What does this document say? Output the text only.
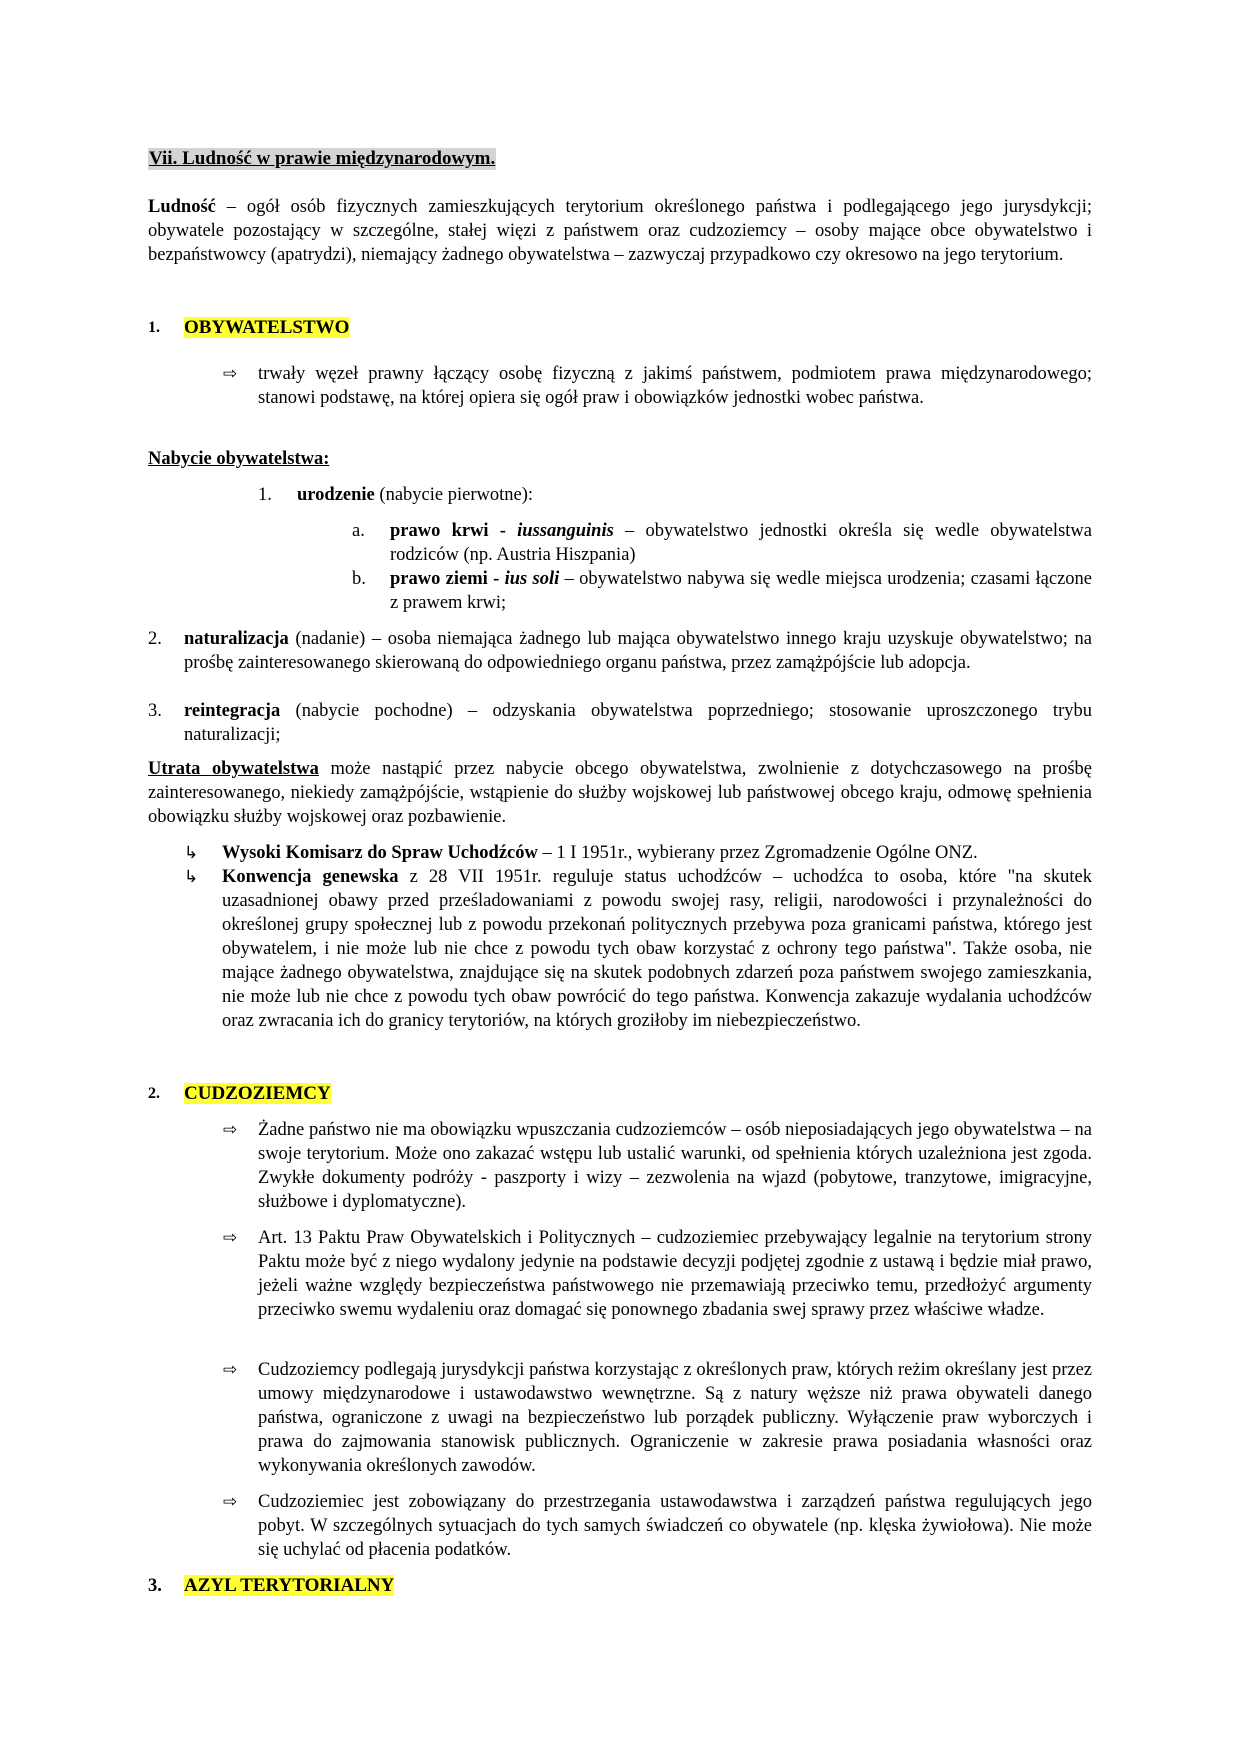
Vii. Ludność w prawie międzynarodowym.

Ludność – ogół osób fizycznych zamieszkujących terytorium określonego państwa i podlegającego jego jurysdykcji; obywatele pozostający w szczególne, stałej więzi z państwem oraz cudzoziemcy – osoby mające obce obywatelstwo i bezpaństwowcy (apatrydzi), niemający żadnego obywatelstwa – zazwyczaj przypadkowo czy okresowo na jego terytorium.

1. OBYWATELSTWO
⇨ trwały węzeł prawny łączący osobę fizyczną z jakimś państwem, podmiotem prawa międzynarodowego; stanowi podstawę, na której opiera się ogół praw i obowiązków jednostki wobec państwa.

Nabycie obywatelstwa:
1. urodzenie (nabycie pierwotne):

a. prawo krwi - iussanguinis – obywatelstwo jednostki określa się wedle obywatelstwa rodziców (np. Austria Hiszpania)

b. prawo ziemi - ius soli – obywatelstwo nabywa się wedle miejsca urodzenia; czasami łączone z prawem krwi;

2. naturalizacja (nadanie) – osoba niemająca żadnego lub mająca obywatelstwo innego kraju uzyskuje obywatelstwo; na prośbę zainteresowanego skierowaną do odpowiedniego organu państwa, przez zamążpójście lub adopcja.

3. reintegracja (nabycie pochodne) – odzyskania obywatelstwa poprzedniego; stosowanie uproszczonego trybu naturalizacji;

Utrata obywatelstwa może nastąpić przez nabycie obcego obywatelstwa, zwolnienie z dotychczasowego na prośbę zainteresowanego, niekiedy zamążpójście, wstąpienie do służby wojskowej lub państwowej obcego kraju, odmowę spełnienia obowiązku służby wojskowej oraz pozbawienie.

↳ Wysoki Komisarz do Spraw Uchodźców – 1 I 1951r., wybierany przez Zgromadzenie Ogólne ONZ.

↳ Konwencja genewska z 28 VII 1951r. reguluje status uchodźców – uchodźca to osoba, które "na skutek uzasadnionej obawy przed prześladowaniami z powodu swojej rasy, religii, narodowości i przynależności do określonej grupy społecznej lub z powodu przekonań politycznych przebywa poza granicami państwa, którego jest obywatelem, i nie może lub nie chce z powodu tych obaw korzystać z ochrony tego państwa". Także osoba, nie mające żadnego obywatelstwa, znajdujące się na skutek podobnych zdarzeń poza państwem swojego zamieszkania, nie może lub nie chce z powodu tych obaw powrócić do tego państwa. Konwencja zakazuje wydalania uchodźców oraz zwracania ich do granicy terytoriów, na których groziłoby im niebezpieczeństwo.

2. CUDZOZIEMCY
⇨ Żadne państwo nie ma obowiązku wpuszczania cudzoziemców – osób nieposiadających jego obywatelstwa – na swoje terytorium. Może ono zakazać wstępu lub ustalić warunki, od spełnienia których uzależniona jest zgoda. Zwykłe dokumenty podróży - paszporty i wizy – zezwolenia na wjazd (pobytowe, tranzytowe, imigracyjne, służbowe i dyplomatyczne).

⇨ Art. 13 Paktu Praw Obywatelskich i Politycznych – cudzoziemiec przebywający legalnie na terytorium strony Paktu może być z niego wydalony jedynie na podstawie decyzji podjętej zgodnie z ustawą i będzie miał prawo, jeżeli ważne względy bezpieczeństwa państwowego nie przemawiają przeciwko temu, przedłożyć argumenty przeciwko swemu wydaleniu oraz domagać się ponownego zbadania swej sprawy przez właściwe władze.

⇨ Cudzoziemcy podlegają jurysdykcji państwa korzystając z określonych praw, których reżim określany jest przez umowy międzynarodowe i ustawodawstwo wewnętrzne. Są z natury węższe niż prawa obywateli danego państwa, ograniczone z uwagi na bezpieczeństwo lub porządek publiczny. Wyłączenie praw wyborczych i prawa do zajmowania stanowisk publicznych. Ograniczenie w zakresie prawa posiadania własności oraz wykonywania określonych zawodów.

⇨ Cudzoziemiec jest zobowiązany do przestrzegania ustawodawstwa i zarządzeń państwa regulujących jego pobyt. W szczególnych sytuacjach do tych samych świadczeń co obywatele (np. klęska żywiołowa). Nie może się uchylać od płacenia podatków.

3. AZYL TERYTORIALNY
